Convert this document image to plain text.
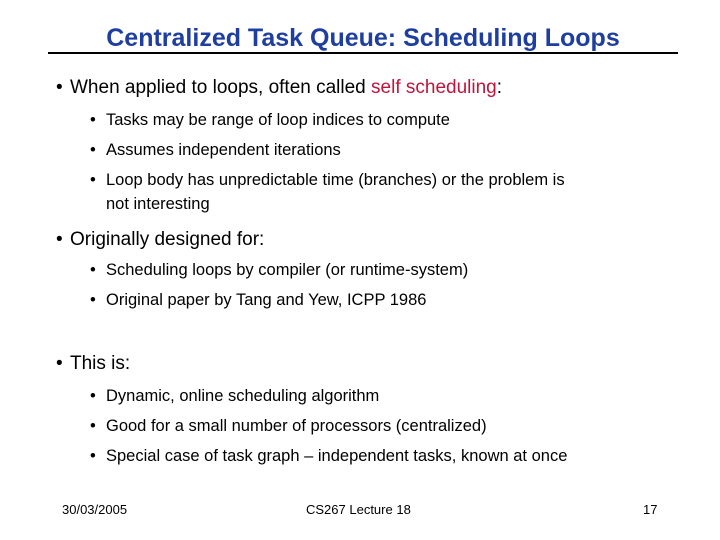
Centralized Task Queue: Scheduling Loops
• When applied to loops, often called self scheduling:
• Tasks may be range of loop indices to compute
• Assumes independent iterations
• Loop body has unpredictable time (branches) or the problem is
not interesting
• Originally designed for:
• Scheduling loops by compiler (or runtime-system)
• Original paper by Tang and Yew, ICPP 1986
• This is:
• Dynamic, online scheduling algorithm
• Good for a small number of processors (centralized)
• Special case of task graph – independent tasks, known at once
30/03/2005	CS267 Lecture 18	17
